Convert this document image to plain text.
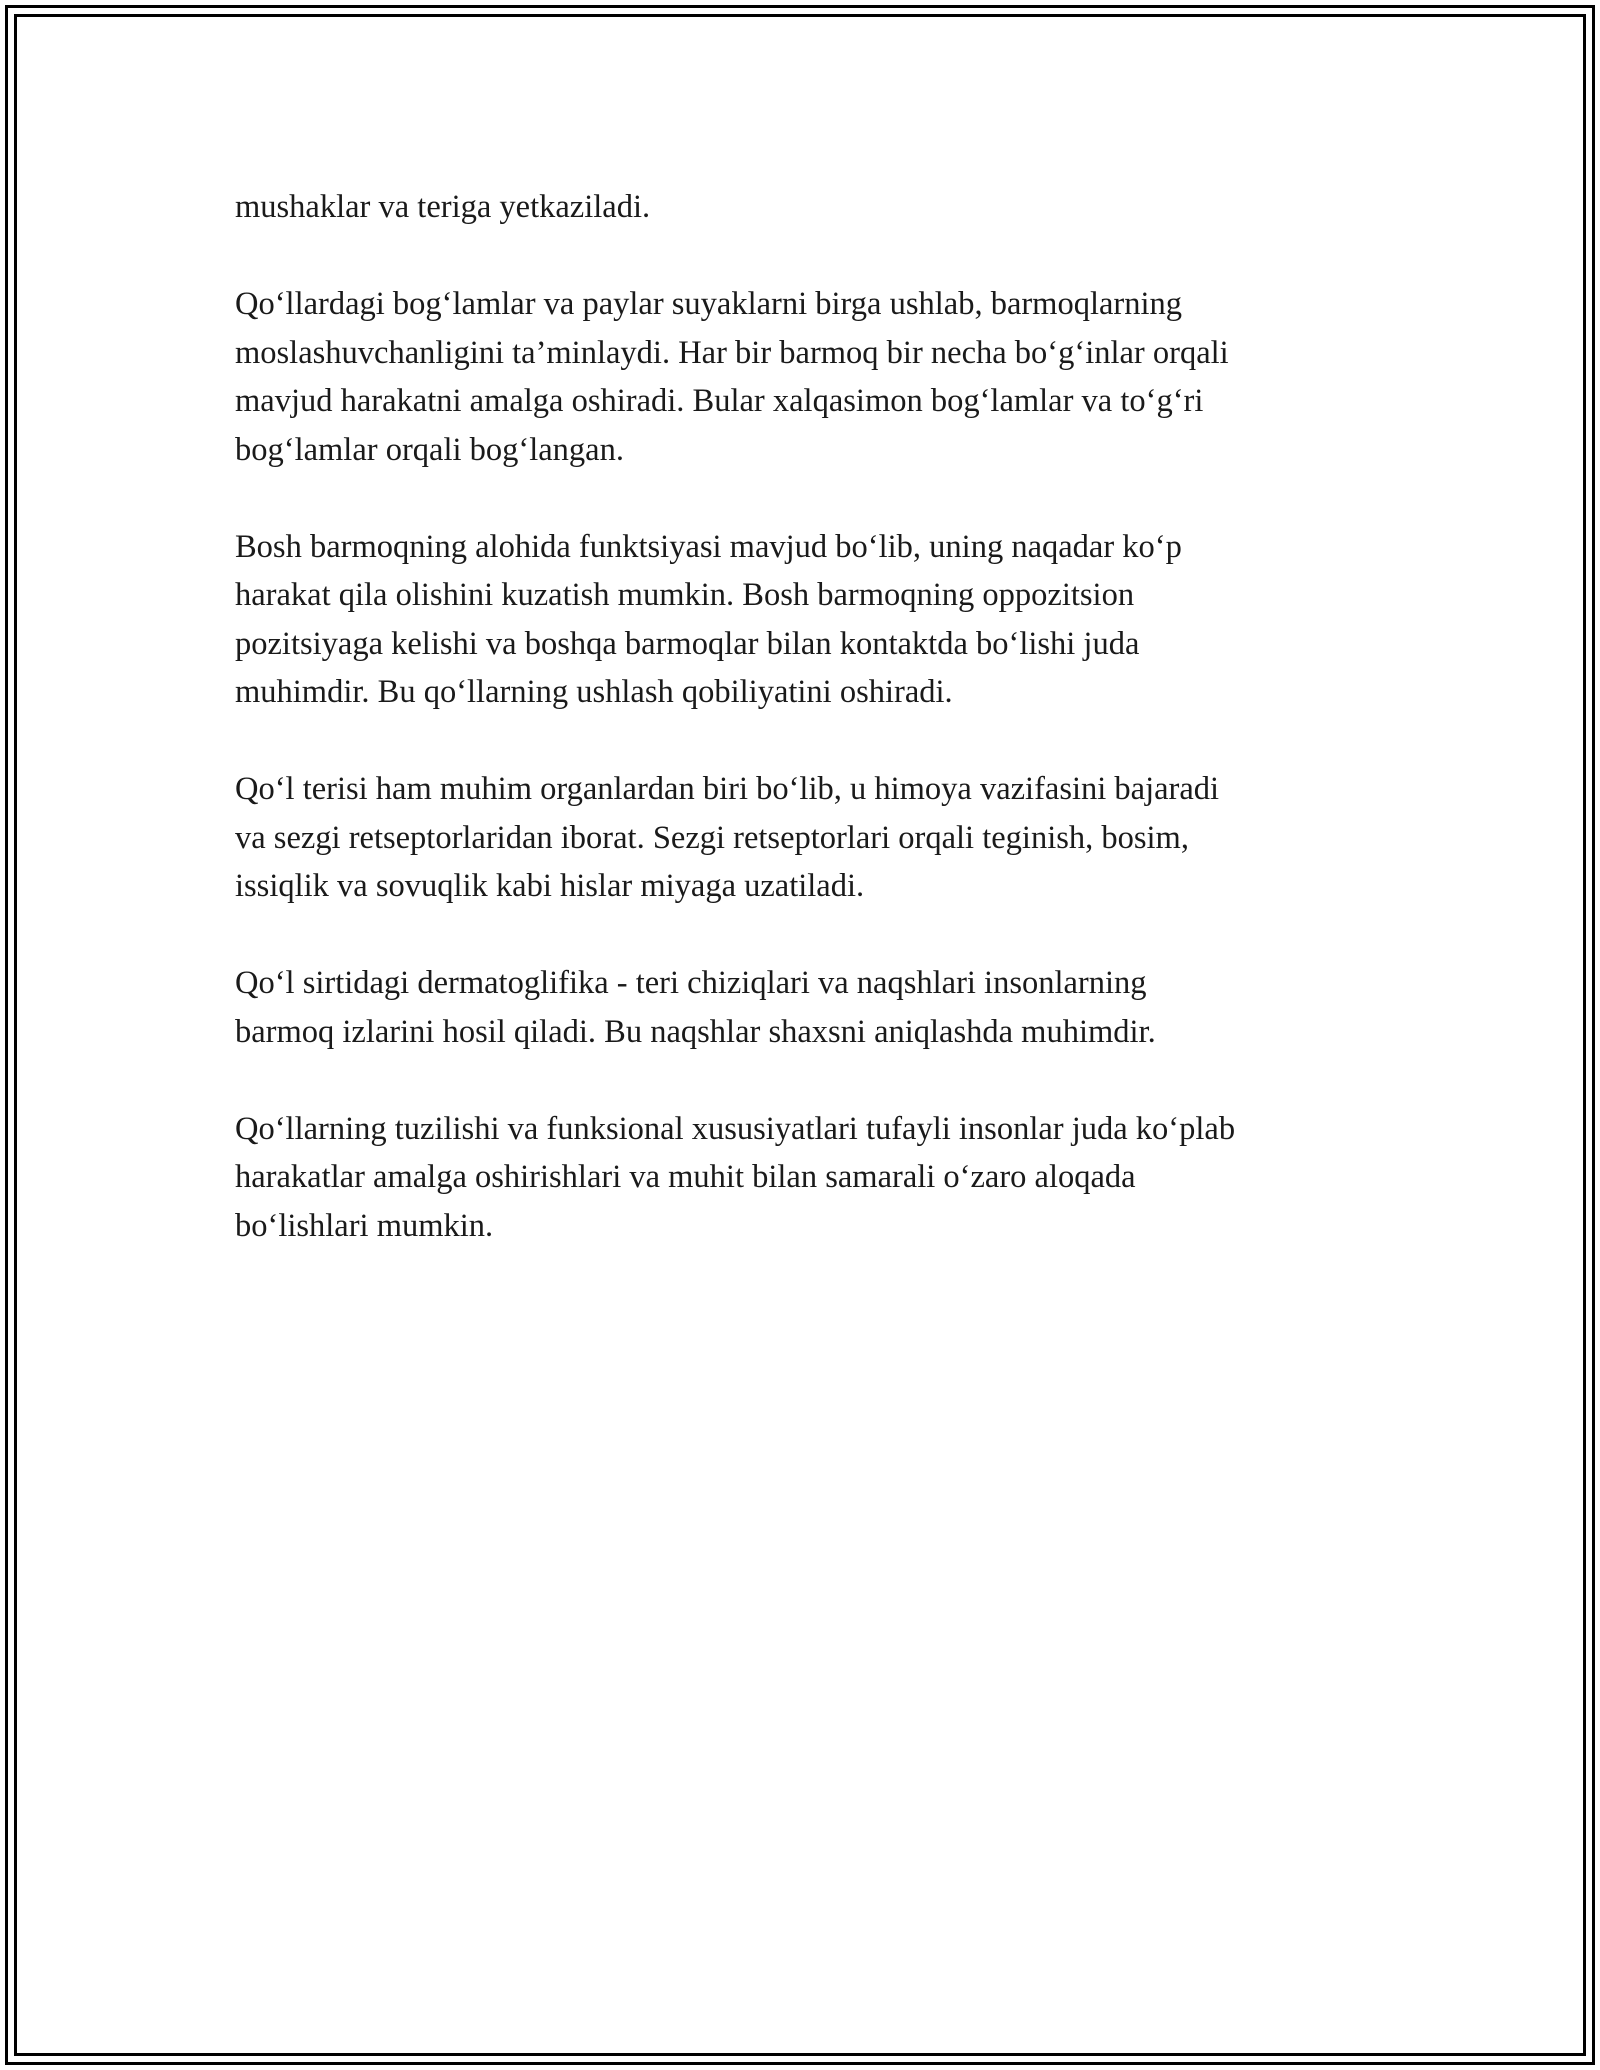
mushaklar va teriga yetkaziladi.

Qo‘llardagi bog‘lamlar va paylar suyaklarni birga ushlab, barmoqlarning
moslashuvchanligini ta’minlaydi. Har bir barmoq bir necha bo‘g‘inlar orqali
mavjud harakatni amalga oshiradi. Bular xalqasimon bog‘lamlar va to‘g‘ri
bog‘lamlar orqali bog‘langan.

Bosh barmoqning alohida funktsiyasi mavjud bo‘lib, uning naqadar ko‘p
harakat qila olishini kuzatish mumkin. Bosh barmoqning oppozitsion
pozitsiyaga kelishi va boshqa barmoqlar bilan kontaktda bo‘lishi juda
muhimdir. Bu qo‘llarning ushlash qobiliyatini oshiradi.

Qo‘l terisi ham muhim organlardan biri bo‘lib, u himoya vazifasini bajaradi
va sezgi retseptorlaridan iborat. Sezgi retseptorlari orqali teginish, bosim,
issiqlik va sovuqlik kabi hislar miyaga uzatiladi.

Qo‘l sirtidagi dermatoglifika - teri chiziqlari va naqshlari insonlarning
barmoq izlarini hosil qiladi. Bu naqshlar shaxsni aniqlashda muhimdir.

Qo‘llarning tuzilishi va funksional xususiyatlari tufayli insonlar juda ko‘plab
harakatlar amalga oshirishlari va muhit bilan samarali o‘zaro aloqada
bo‘lishlari mumkin.
